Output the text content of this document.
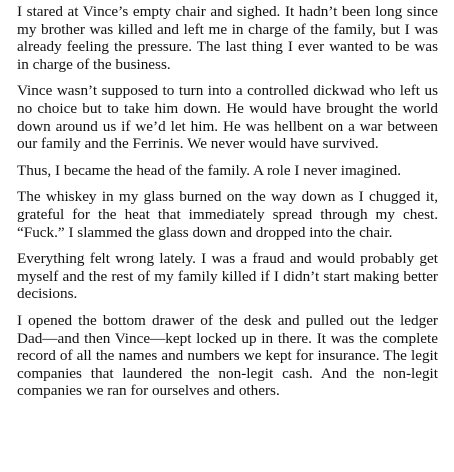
I stared at Vince’s empty chair and sighed. It hadn’t been long since my brother was killed and left me in charge of the family, but I was already feeling the pressure. The last thing I ever wanted to be was in charge of the business.

Vince wasn’t supposed to turn into a controlled dickwad who left us no choice but to take him down. He would have brought the world down around us if we’d let him. He was hellbent on a war between our family and the Ferrinis. We never would have survived.

Thus, I became the head of the family. A role I never imagined.

The whiskey in my glass burned on the way down as I chugged it, grateful for the heat that immediately spread through my chest. “Fuck.” I slammed the glass down and dropped into the chair.

Everything felt wrong lately. I was a fraud and would probably get myself and the rest of my family killed if I didn’t start making better decisions.

I opened the bottom drawer of the desk and pulled out the ledger Dad—and then Vince—kept locked up in there. It was the complete record of all the names and numbers we kept for insurance. The legit companies that laundered the non-legit cash. And the non-legit companies we ran for ourselves and others.
